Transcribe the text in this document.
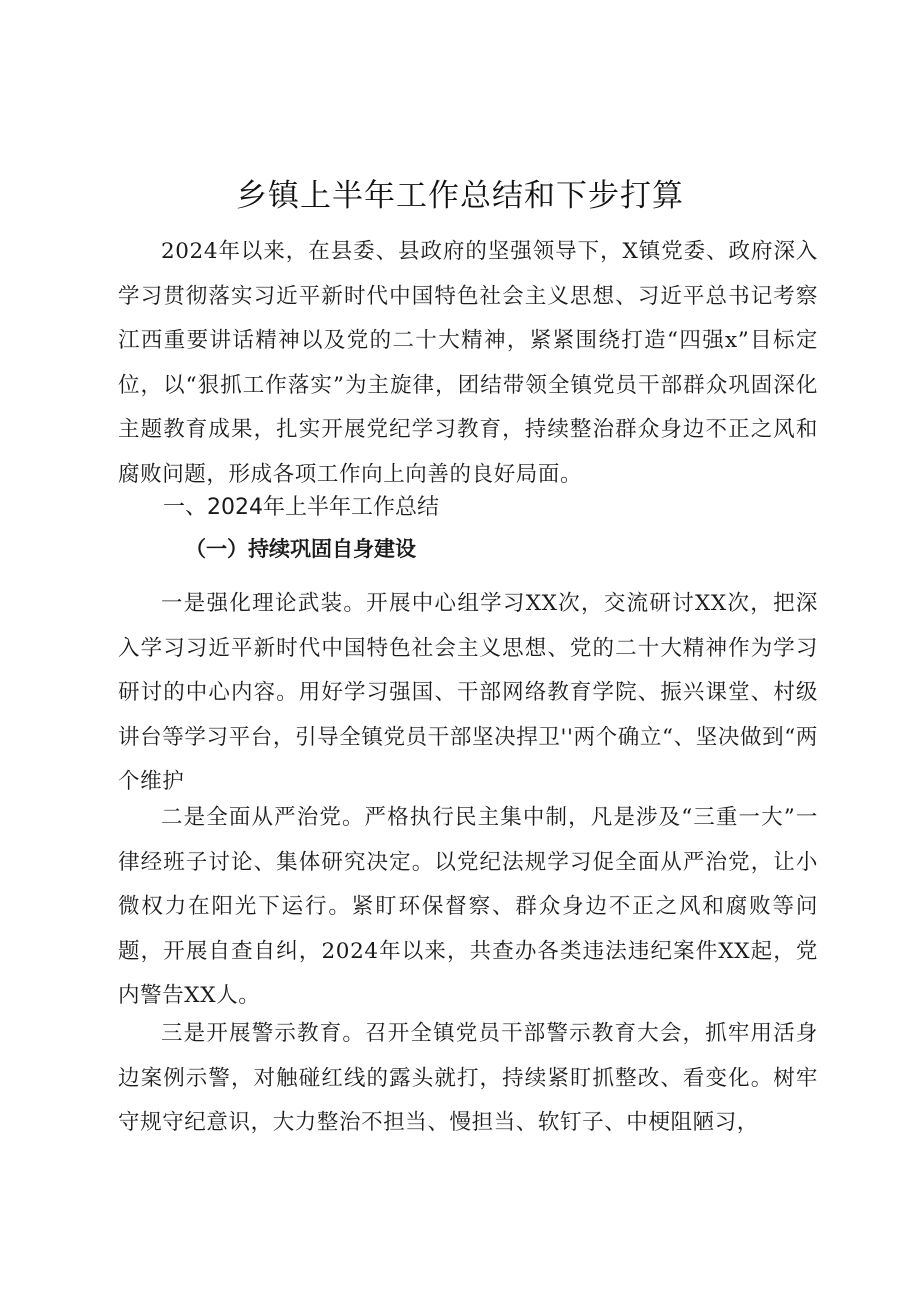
乡镇上半年工作总结和下步打算

2024年以来，在县委、县政府的坚强领导下，X镇党委、政府深入学习贯彻落实习近平新时代中国特色社会主义思想、习近平总书记考察江西重要讲话精神以及党的二十大精神，紧紧围绕打造“四强x”目标定位，以“狠抓工作落实”为主旋律，团结带领全镇党员干部群众巩固深化主题教育成果，扎实开展党纪学习教育，持续整治群众身边不正之风和腐败问题，形成各项工作向上向善的良好局面。

一、2024年上半年工作总结
（一）持续巩固自身建设

一是强化理论武装。开展中心组学习XX次，交流研讨XX次，把深入学习习近平新时代中国特色社会主义思想、党的二十大精神作为学习研讨的中心内容。用好学习强国、干部网络教育学院、振兴课堂、村级讲台等学习平台，引导全镇党员干部坚决捍卫''两个确立“、坚决做到“两个维护

二是全面从严治党。严格执行民主集中制，凡是涉及“三重一大”一律经班子讨论、集体研究决定。以党纪法规学习促全面从严治党，让小微权力在阳光下运行。紧盯环保督察、群众身边不正之风和腐败等问题，开展自查自纠，2024年以来，共查办各类违法违纪案件XX起，党内警告XX人。

三是开展警示教育。召开全镇党员干部警示教育大会，抓牢用活身边案例示警，对触碰红线的露头就打，持续紧盯抓整改、看变化。树牢守规守纪意识，大力整治不担当、慢担当、软钉子、中梗阻陋习，
